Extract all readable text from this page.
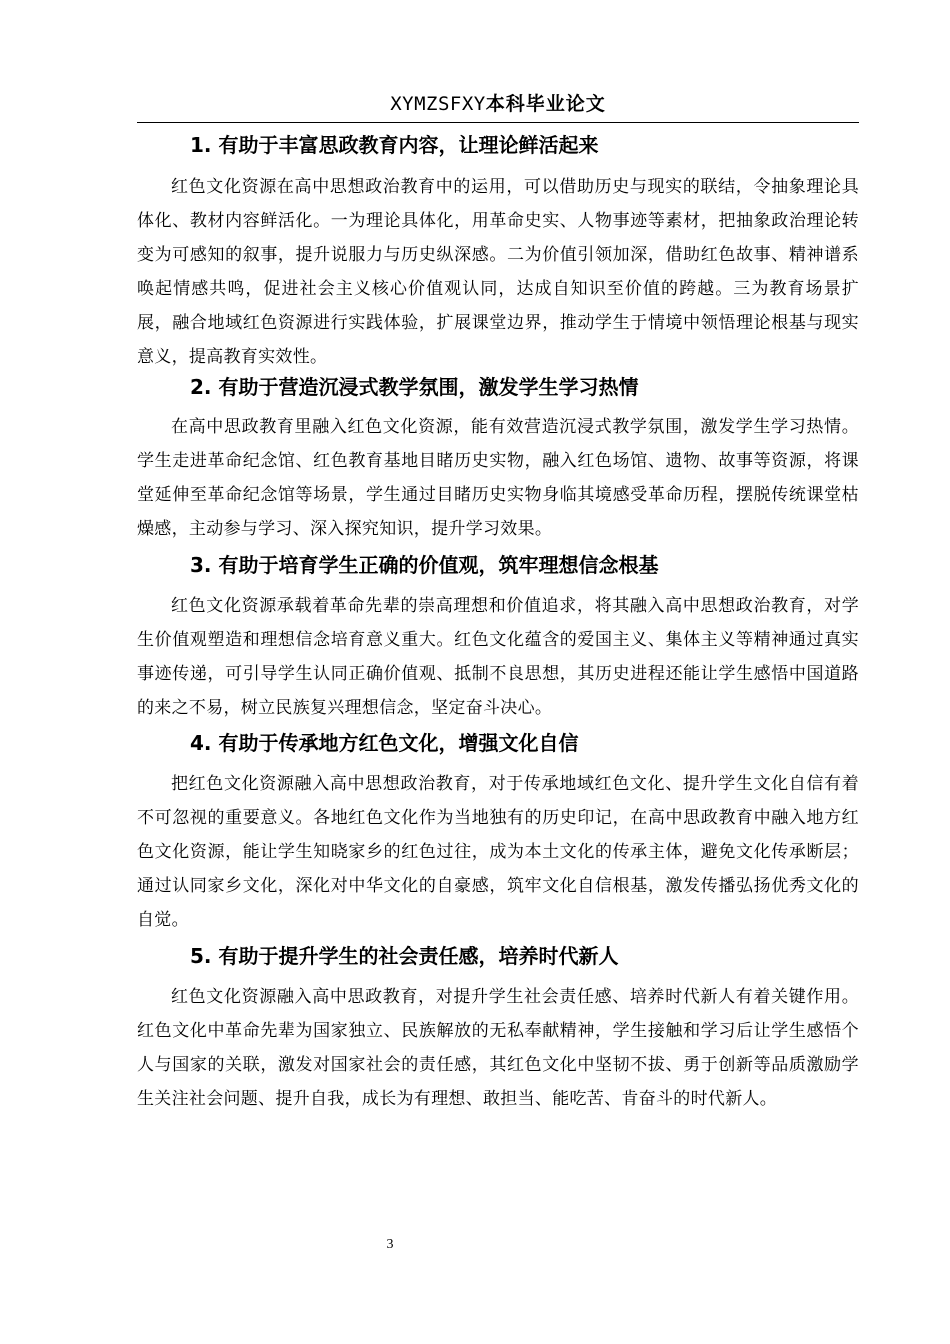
XYMZSFXY本科毕业论文
1. 有助于丰富思政教育内容，让理论鲜活起来

红色文化资源在高中思想政治教育中的运用，可以借助历史与现实的联结，令抽象理论具体化、教材内容鲜活化。一为理论具体化，用革命史实、人物事迹等素材，把抽象政治理论转变为可感知的叙事，提升说服力与历史纵深感。二为价值引领加深，借助红色故事、精神谱系唤起情感共鸣，促进社会主义核心价值观认同，达成自知识至价值的跨越。三为教育场景扩展，融合地域红色资源进行实践体验，扩展课堂边界，推动学生于情境中领悟理论根基与现实意义，提高教育实效性。

2. 有助于营造沉浸式教学氛围，激发学生学习热情

在高中思政教育里融入红色文化资源，能有效营造沉浸式教学氛围，激发学生学习热情。学生走进革命纪念馆、红色教育基地目睹历史实物，融入红色场馆、遗物、故事等资源，将课堂延伸至革命纪念馆等场景，学生通过目睹历史实物身临其境感受革命历程，摆脱传统课堂枯燥感，主动参与学习、深入探究知识，提升学习效果。

3. 有助于培育学生正确的价值观，筑牢理想信念根基

红色文化资源承载着革命先辈的崇高理想和价值追求，将其融入高中思想政治教育，对学生价值观塑造和理想信念培育意义重大。红色文化蕴含的爱国主义、集体主义等精神通过真实事迹传递，可引导学生认同正确价值观、抵制不良思想，其历史进程还能让学生感悟中国道路的来之不易，树立民族复兴理想信念，坚定奋斗决心。

4. 有助于传承地方红色文化，增强文化自信

把红色文化资源融入高中思想政治教育，对于传承地域红色文化、提升学生文化自信有着不可忽视的重要意义。各地红色文化作为当地独有的历史印记，在高中思政教育中融入地方红色文化资源，能让学生知晓家乡的红色过往，成为本土文化的传承主体，避免文化传承断层；通过认同家乡文化，深化对中华文化的自豪感，筑牢文化自信根基，激发传播弘扬优秀文化的自觉。

5. 有助于提升学生的社会责任感，培养时代新人

红色文化资源融入高中思政教育，对提升学生社会责任感、培养时代新人有着关键作用。红色文化中革命先辈为国家独立、民族解放的无私奉献精神，学生接触和学习后让学生感悟个人与国家的关联，激发对国家社会的责任感，其红色文化中坚韧不拔、勇于创新等品质激励学生关注社会问题、提升自我，成长为有理想、敢担当、能吃苦、肯奋斗的时代新人。

3
